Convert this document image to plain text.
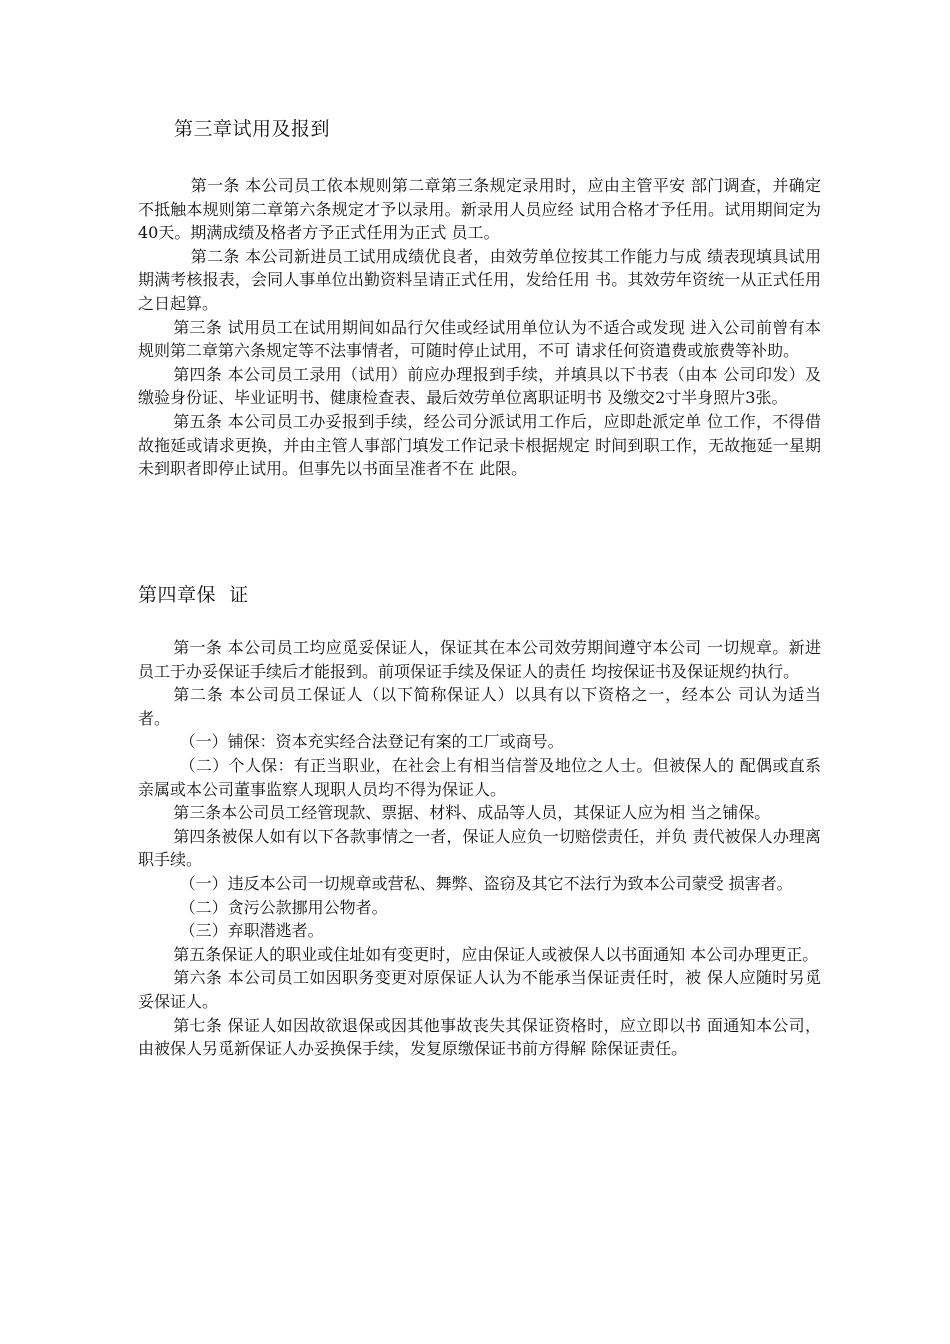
第三章试用及报到

第一条 本公司员工依本规则第二章第三条规定录用时，应由主管平安 部门调查，并确定不抵触本规则第二章第六条规定才予以录用。新录用人员应经 试用合格才予任用。试用期间定为40天。期满成绩及格者方予正式任用为正式 员工。

第二条 本公司新进员工试用成绩优良者，由效劳单位按其工作能力与成 绩表现填具试用期满考核报表，会同人事单位出勤资料呈请正式任用，发给任用 书。其效劳年资统一从正式任用之日起算。

第三条 试用员工在试用期间如品行欠佳或经试用单位认为不适合或发现 进入公司前曾有本规则第二章第六条规定等不法事情者，可随时停止试用，不可 请求任何资遣费或旅费等补助。

第四条 本公司员工录用（试用）前应办理报到手续，并填具以下书表（由本 公司印发）及缴验身份证、毕业证明书、健康检查表、最后效劳单位离职证明书 及缴交2寸半身照片3张。

第五条 本公司员工办妥报到手续，经公司分派试用工作后，应即赴派定单 位工作，不得借故拖延或请求更换，并由主管人事部门填发工作记录卡根据规定 时间到职工作，无故拖延一星期未到职者即停止试用。但事先以书面呈准者不在 此限。

第四章保  证

第一条 本公司员工均应觅妥保证人，保证其在本公司效劳期间遵守本公司 一切规章。新进员工于办妥保证手续后才能报到。前项保证手续及保证人的责任 均按保证书及保证规约执行。

第二条 本公司员工保证人（以下简称保证人）以具有以下资格之一，经本公 司认为适当者。

（一）铺保：资本充实经合法登记有案的工厂或商号。

（二）个人保：有正当职业，在社会上有相当信誉及地位之人士。但被保人的 配偶或直系亲属或本公司董事监察人现职人员均不得为保证人。

第三条本公司员工经管现款、票据、材料、成品等人员，其保证人应为相 当之铺保。

第四条被保人如有以下各款事情之一者，保证人应负一切赔偿责任，并负 责代被保人办理离职手续。

（一）违反本公司一切规章或营私、舞弊、盗窃及其它不法行为致本公司蒙受 损害者。

（二）贪污公款挪用公物者。

（三）弃职潜逃者。

第五条保证人的职业或住址如有变更时，应由保证人或被保人以书面通知 本公司办理更正。

第六条 本公司员工如因职务变更对原保证人认为不能承当保证责任时，被 保人应随时另觅妥保证人。

第七条 保证人如因故欲退保或因其他事故丧失其保证资格时，应立即以书 面通知本公司，由被保人另觅新保证人办妥换保手续，发复原缴保证书前方得解 除保证责任。
